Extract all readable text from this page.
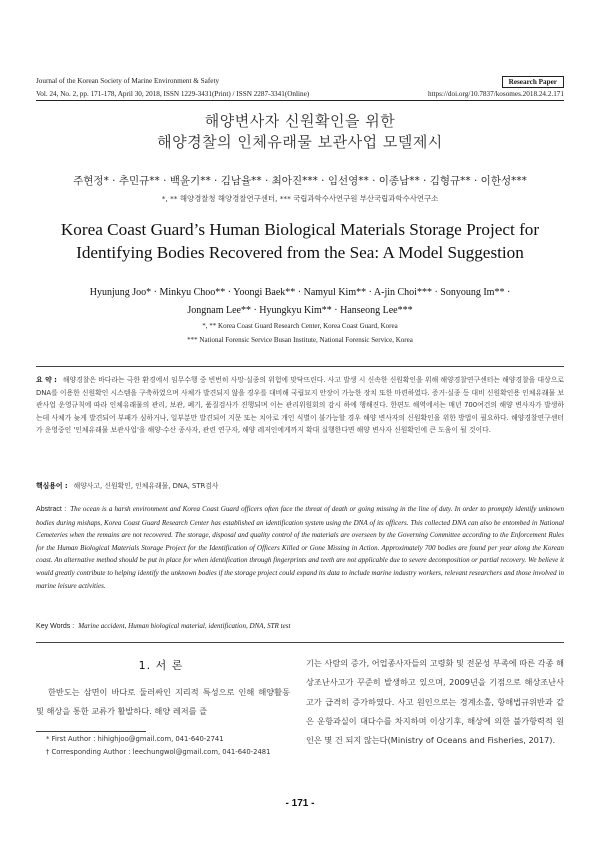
Journal of the Korean Society of Marine Environment & Safety
Vol. 24, No. 2, pp. 171-178, April 30, 2018, ISSN 1229-3431(Print) / ISSN 2287-3341(Online)	https://doi.org/10.7837/kosomes.2018.24.2.171
Research Paper
해양변사자 신원확인을 위한
해양경찰의 인체유래물 보관사업 모델제시
주현정* · 추민규** · 백윤기** · 김남율** · 최아진*** · 임선영** · 이종남** · 김형규** · 이한성***
*, ** 해양경찰청 해양경찰연구센터, *** 국립과학수사연구원 부산국립과학수사연구소
Korea Coast Guard’s Human Biological Materials Storage Project for
Identifying Bodies Recovered from the Sea: A Model Suggestion
Hyunjung Joo* · Minkyu Choo** · Yoongi Baek** · Namyul Kim** · A-jin Choi*** · Sonyoung Im** ·
Jongnam Lee** · Hyungkyu Kim** · Hanseong Lee***
*, ** Korea Coast Guard Research Center, Korea Coast Guard, Korea
*** National Forensic Service Busan Institute, National Forensic Service, Korea
요 약 : 해양경찰은 바다라는 극한 환경에서 임무수행 중 빈번히 사망·실종의 위험에 맞닥뜨린다. 사고 발생 시 신속한 신원확인을 위해 해양경찰연구센터는 해양경찰을 대상으로 DNA를 이용한 신원확인 시스템을 구축하였으며 사체가 발견되지 않을 경우를 대비해 국립묘지 안장이 가능한 장치 또한 마련하였다. 증거·실종 등 대비 신원확인용 인체유래물 보관사업 운영규칙에 따라 인체유래물의 관리, 보관, 폐기, 품질검사가 진행되며 이는 관리위원회의 감시 하에 행해진다. 한편도 해역에서는 매년 700여건의 해양 변사자가 발생하는데 사체가 늦게 발견되어 부패가 심하거나, 일부분만 발견되어 지문 또는 치아로 개인 식별이 불가능할 경우 해양 변사자의 신원확인을 위한 방법이 필요하다. 해양경찰연구센터가 운영중인 '인체유래물 보관사업'을 해양·수산 종사자, 관련 연구자, 해양 레저인에게까지 확대 실행한다면 해양 변사자 신원확인에 큰 도움이 될 것이다.
핵심용어 : 해양사고, 신원확인, 인체유래물, DNA, STR검사
Abstract : The ocean is a harsh environment and Korea Coast Guard officers often face the threat of death or going missing in the line of duty. In order to promptly identify unknown bodies during mishaps, Korea Coast Guard Research Center has established an identification system using the DNA of its officers. This collected DNA can also be entombed in National Cemeteries when the remains are not recovered. The storage, disposal and quality control of the materials are overseen by the Governing Committee according to the Enforcement Rules for the Human Biological Materials Storage Project for the Identification of Officers Killed or Gone Missing in Action. Approximately 700 bodies are found per year along the Korean coast. An alternative method should be put in place for when identification through fingerprints and teeth are not applicable due to severe decomposition or partial recovery. We believe it would greatly contribute to helping identify the unknown bodies if the storage project could expand its data to include marine industry workers, relevant researchers and those involved in marine leisure activities.
Key Words : Marine accident, Human biological material, identification, DNA, STR test
1. 서 론
한반도는 삼면이 바다로 둘러싸인 지리적 특성으로 인해 해양활동 및 해상을 통한 교류가 활발하다. 해양 레저를 즐
기는 사람의 증가, 어업종사자들의 고령화 및 전문성 부족에 따른 각종 해상조난사고가 꾸준히 발생하고 있으며, 2009년을 기점으로 해상조난사고가 급격히 증가하였다. 사고 원인으로는 경계소홀, 항해법규위반과 같은 운항과실이 대다수를 차지하며 이상기후, 해상에 의한 불가항력적 원인은 몇 건 되지 않는다(Ministry of Oceans and Fisheries, 2017).
* First Author : hihighjoo@gmail.com, 041-640-2741
† Corresponding Author : leechungwol@gmail.com, 041-640-2481
- 171 -
